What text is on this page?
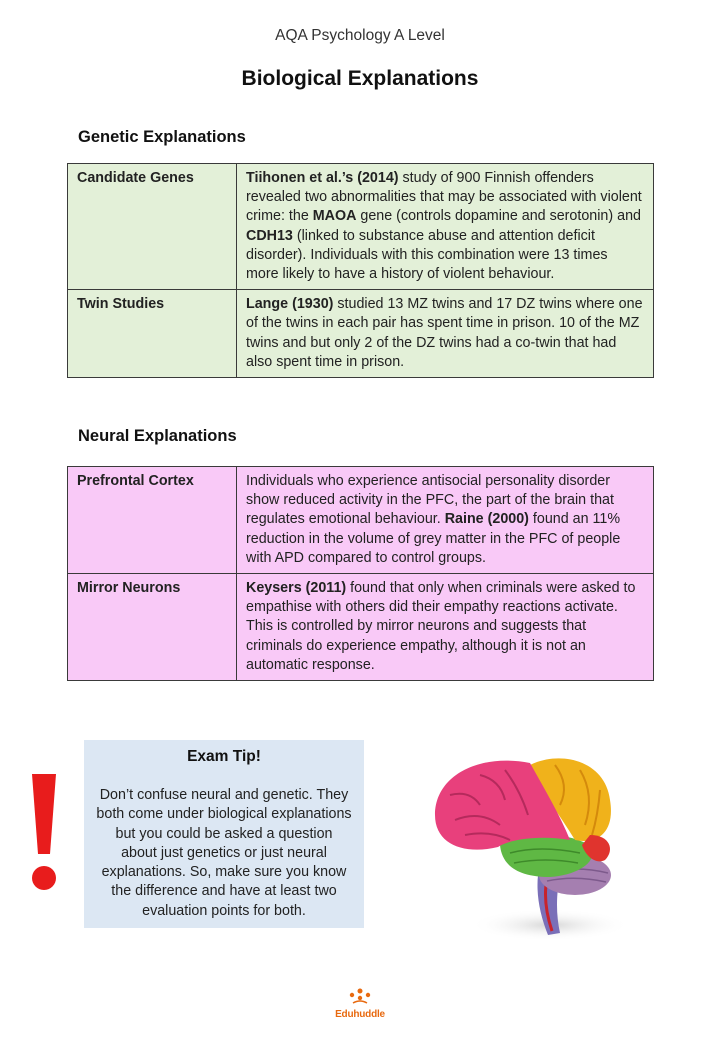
AQA Psychology A Level
Biological Explanations
Genetic Explanations
Candidate Genes	Tiihonen et al.’s (2014) study of 900 Finnish offenders revealed two abnormalities that may be associated with violent crime: the MAOA gene (controls dopamine and serotonin) and CDH13 (linked to substance abuse and attention deficit disorder). Individuals with this combination were 13 times more likely to have a history of violent behaviour.
Twin Studies	Lange (1930) studied 13 MZ twins and 17 DZ twins where one of the twins in each pair has spent time in prison. 10 of the MZ twins and but only 2 of the DZ twins had a co-twin that had also spent time in prison.
Neural Explanations
Prefrontal Cortex	Individuals who experience antisocial personality disorder show reduced activity in the PFC, the part of the brain that regulates emotional behaviour. Raine (2000) found an 11% reduction in the volume of grey matter in the PFC of people with APD compared to control groups.
Mirror Neurons	Keysers (2011) found that only when criminals were asked to empathise with others did their empathy reactions activate. This is controlled by mirror neurons and suggests that criminals do experience empathy, although it is not an automatic response.
Exam Tip!
Don’t confuse neural and genetic. They both come under biological explanations but you could be asked a question about just genetics or just neural explanations. So, make sure you know the difference and have at least two evaluation points for both.
Eduhuddle
